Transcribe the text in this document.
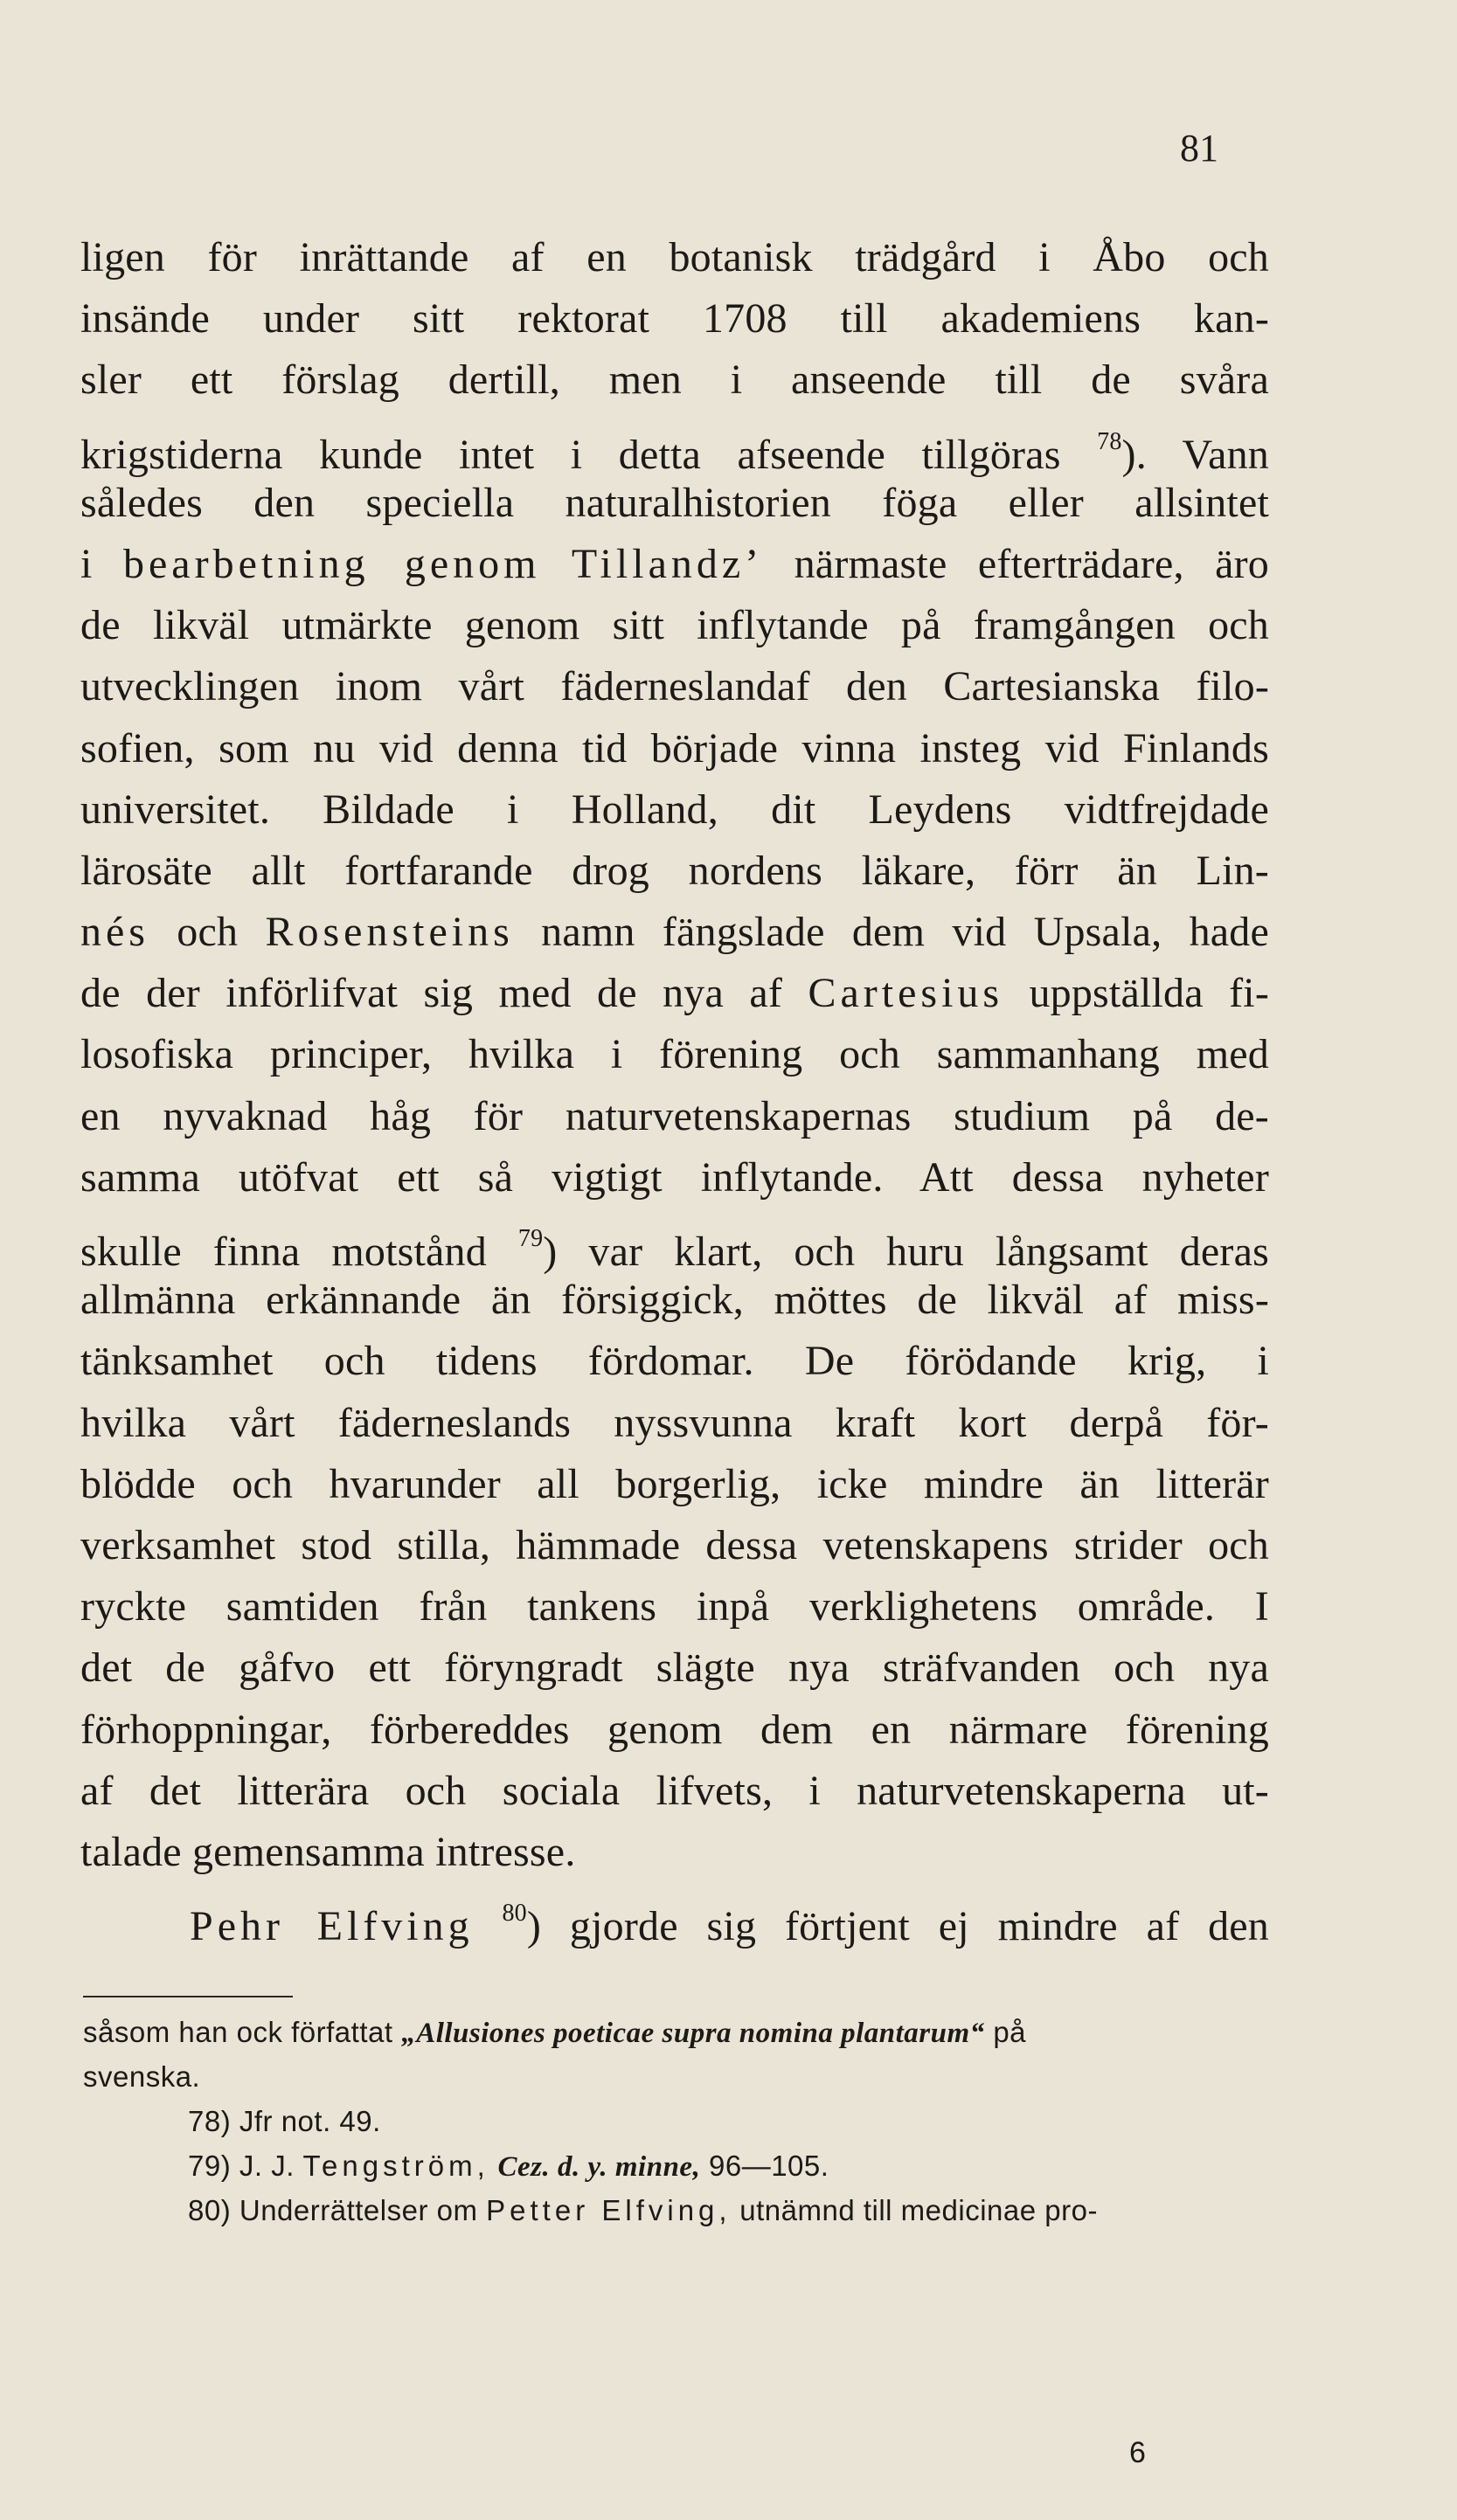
81
ligen för inrättande af en botanisk trädgård i Åbo och
insände under sitt rektorat 1708 till akademiens kan-
sler ett förslag dertill, men i anseende till de svåra
krigstiderna kunde intet i detta afseende tillgöras $^{78}$). Vann
således den speciella naturalhistorien föga eller allsintet
i bearbetning genom Tillandz’ närmaste efterträdare, äro
de likväl utmärkte genom sitt inflytande på framgången och
utvecklingen inom vårt fäderneslandaf den Cartesianska filo-
sofien, som nu vid denna tid började vinna insteg vid Finlands
universitet. Bildade i Holland, dit Leydens vidtfrejdade
lärosäte allt fortfarande drog nordens läkare, förr än Lin-
nés och Rosensteins namn fängslade dem vid Upsala, hade
de der införlifvat sig med de nya af Cartesius uppställda fi-
losofiska principer, hvilka i förening och sammanhang med
en nyvaknad håg för naturvetenskapernas studium på de-
samma utöfvat ett så vigtigt inflytande. Att dessa nyheter
skulle finna motstånd $^{79}$) var klart, och huru långsamt deras
allmänna erkännande än försiggick, möttes de likväl af miss-
tänksamhet och tidens fördomar. De förödande krig, i
hvilka vårt fäderneslands nyssvunna kraft kort derpå för-
blödde och hvarunder all borgerlig, icke mindre än litterär
verksamhet stod stilla, hämmade dessa vetenskapens strider och
ryckte samtiden från tankens inpå verklighetens område. I
det de gåfvo ett föryngradt slägte nya sträfvanden och nya
förhoppningar, förbereddes genom dem en närmare förening
af det litterära och sociala lifvets, i naturvetenskaperna ut-
talade gemensamma intresse.
Pehr Elfving $^{80}$) gjorde sig förtjent ej mindre af den
såsom han ock författat „Allusiones poeticae supra nomina plantarum“ på
svenska.
78) Jfr not. 49.
79) J. J. Tengström, Cez. d. y. minne, 96—105.
80) Underrättelser om Petter Elfving, utnämnd till medicinae pro-
6
